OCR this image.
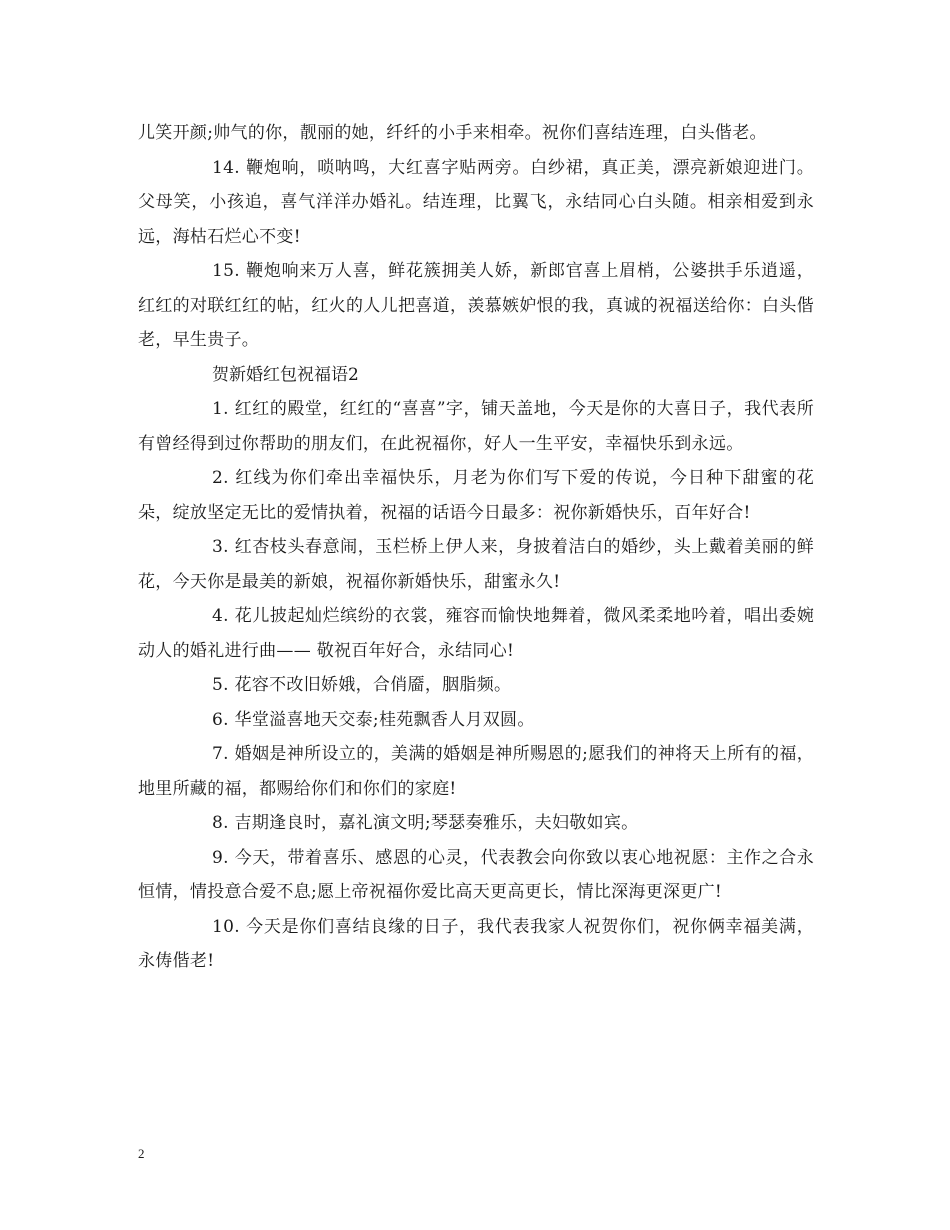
儿笑开颜;帅气的你，靓丽的她，纤纤的小手来相牵。祝你们喜结连理，白头偕老。

14. 鞭炮响，唢呐鸣，大红喜字贴两旁。白纱裙，真正美，漂亮新娘迎进门。父母笑，小孩追，喜气洋洋办婚礼。结连理，比翼飞，永结同心白头随。相亲相爱到永远，海枯石烂心不变!

15. 鞭炮响来万人喜，鲜花簇拥美人娇，新郎官喜上眉梢，公婆拱手乐逍遥，红红的对联红红的帖，红火的人儿把喜道，羡慕嫉妒恨的我，真诚的祝福送给你：白头偕老，早生贵子。

贺新婚红包祝福语2

1. 红红的殿堂，红红的“喜喜”字，铺天盖地，今天是你的大喜日子，我代表所有曾经得到过你帮助的朋友们，在此祝福你，好人一生平安，幸福快乐到永远。

2. 红线为你们牵出幸福快乐，月老为你们写下爱的传说，今日种下甜蜜的花朵，绽放坚定无比的爱情执着，祝福的话语今日最多：祝你新婚快乐，百年好合!

3. 红杏枝头春意闹，玉栏桥上伊人来，身披着洁白的婚纱，头上戴着美丽的鲜花，今天你是最美的新娘，祝福你新婚快乐，甜蜜永久!

4. 花儿披起灿烂缤纷的衣裳，雍容而愉快地舞着，微风柔柔地吟着，唱出委婉动人的婚礼进行曲—— 敬祝百年好合，永结同心!

5. 花容不改旧娇娥，合俏靥，胭脂频。

6. 华堂溢喜地天交泰;桂苑飘香人月双圆。

7. 婚姻是神所设立的，美满的婚姻是神所赐恩的;愿我们的神将天上所有的福，地里所藏的福，都赐给你们和你们的家庭!

8. 吉期逢良时，嘉礼演文明;琴瑟奏雅乐，夫妇敬如宾。

9. 今天，带着喜乐、感恩的心灵，代表教会向你致以衷心地祝愿：主作之合永恒情，情投意合爱不息;愿上帝祝福你爱比高天更高更长，情比深海更深更广!

10. 今天是你们喜结良缘的日子，我代表我家人祝贺你们，祝你俩幸福美满，永俦偕老!

2
